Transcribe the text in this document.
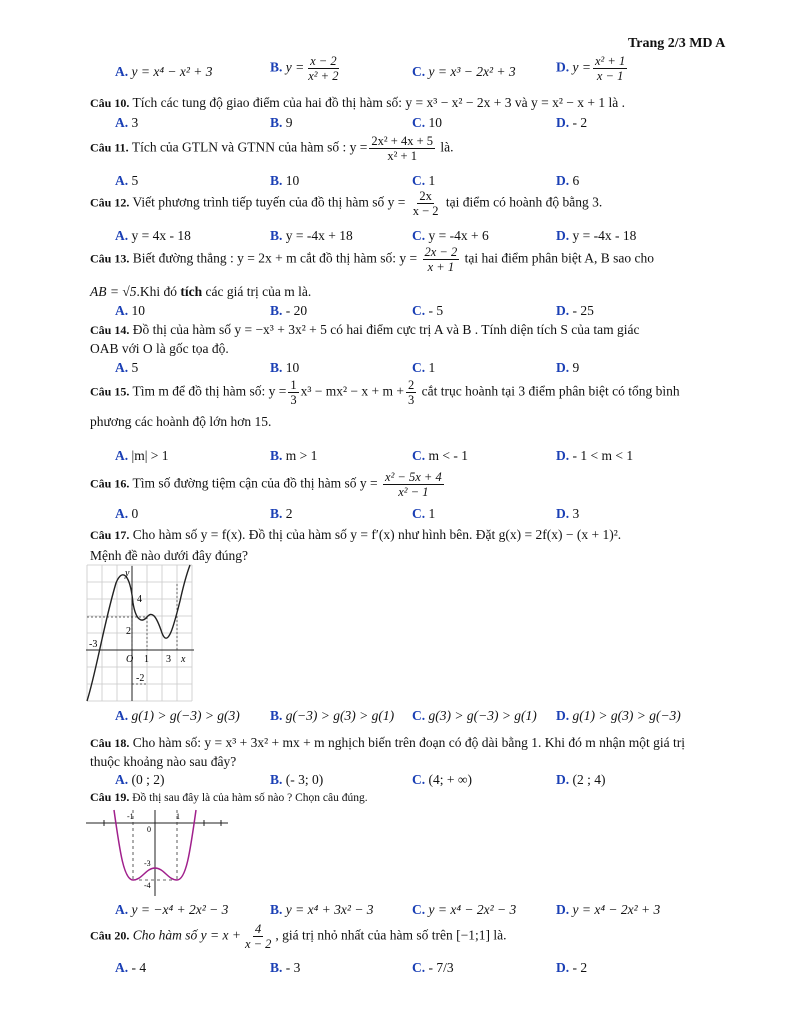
Trang 2/3 MD A
A. y = x⁴ − x² + 3	B. $y = \frac{x - 2}{\text{x² + 2}}$	C. y = x³ − 2x² + 3	D. $y = \frac{\text{x² + 1}}{x - 1}$
Câu 10. Tích các tung độ giao điểm của hai đồ thị hàm số: y = x³ − x² − 2x + 3 và y = x² − x + 1 là .
A. 3	B. 9	C. 10	D. - 2
Câu 11. Tích của GTLN và GTNN của hàm số : $y = \frac{\text{2x² + 4x + 5}}{\text{x² + 1}}$ là.
A. 5	B. 10	C. 1	D. 6
Câu 12. Viết phương trình tiếp tuyến của đồ thị hàm số $y = \frac{2x}{x - 2}$ tại điểm có hoành độ bằng 3.
A. y = 4x - 18	B. y = -4x + 18	C. y = -4x + 6	D. y = -4x - 18
Câu 13. Biết đường thẳng : y = 2x + m cắt đồ thị hàm số: $y = \frac{2x - 2}{x + 1}$ tại hai điểm phân biệt A, B sao cho
AB = √5.Khi đó tích các giá trị của m là.
A. 10	B. - 20	C. - 5	D. - 25
Câu 14. Đồ thị của hàm số y = −x³ + 3x² + 5 có hai điểm cực trị A và B . Tính diện tích S của tam giác
OAB với O là gốc tọa độ.
A. 5	B. 10	C. 1	D. 9
Câu 15. Tìm m để đồ thị hàm số: $y = \frac{1}{3} x^3 - mx^2 - x + m + \frac{2}{3}$ cắt trục hoành tại 3 điểm phân biệt có tổng bình
phương các hoành độ lớn hơn 15.
A. |m| > 1	B. m > 1	C. m < - 1	D. - 1 < m < 1
Câu 16. Tìm số đường tiệm cận của đồ thị hàm số $y = \frac{\text{x² − 5x + 4}}{\text{x² − 1}}$
A. 0	B. 2	C. 1	D. 3
Câu 17. Cho hàm số y = f(x). Đồ thị của hàm số y = f′(x) như hình bên. Đặt g(x) = 2f(x) − (x + 1)².
Mệnh đề nào dưới đây đúng?
y
4
2
-3
O 1 3 x
-2
A. g(1) > g(−3) > g(3) B. g(−3) > g(3) > g(1) C. g(3) > g(−3) > g(1) D. g(1) > g(3) > g(−3)
Câu 18. Cho hàm số: y = x³ + 3x² + mx + m nghịch biến trên đoạn có độ dài bằng 1. Khi đó m nhận một giá trị
thuộc khoảng nào sau đây?
A. (0 ; 2)	B. (- 3; 0)	C. (4; + ∞)	D. (2 ; 4)
Câu 19. Đồ thị sau đây là của hàm số nào ? Chọn câu đúng.
-1
0
1
-3
-4
A. y = −x⁴ + 2x² − 3	B. y = x⁴ + 3x² − 3	C. y = x⁴ − 2x² − 3	D. y = x⁴ − 2x² + 3
Câu 20. Cho hàm số $y = x + \frac{4}{x - 2}$ , giá trị nhỏ nhất của hàm số trên [−1;1] là.
A. - 4	B. - 3	C. - 7/3	D. - 2
